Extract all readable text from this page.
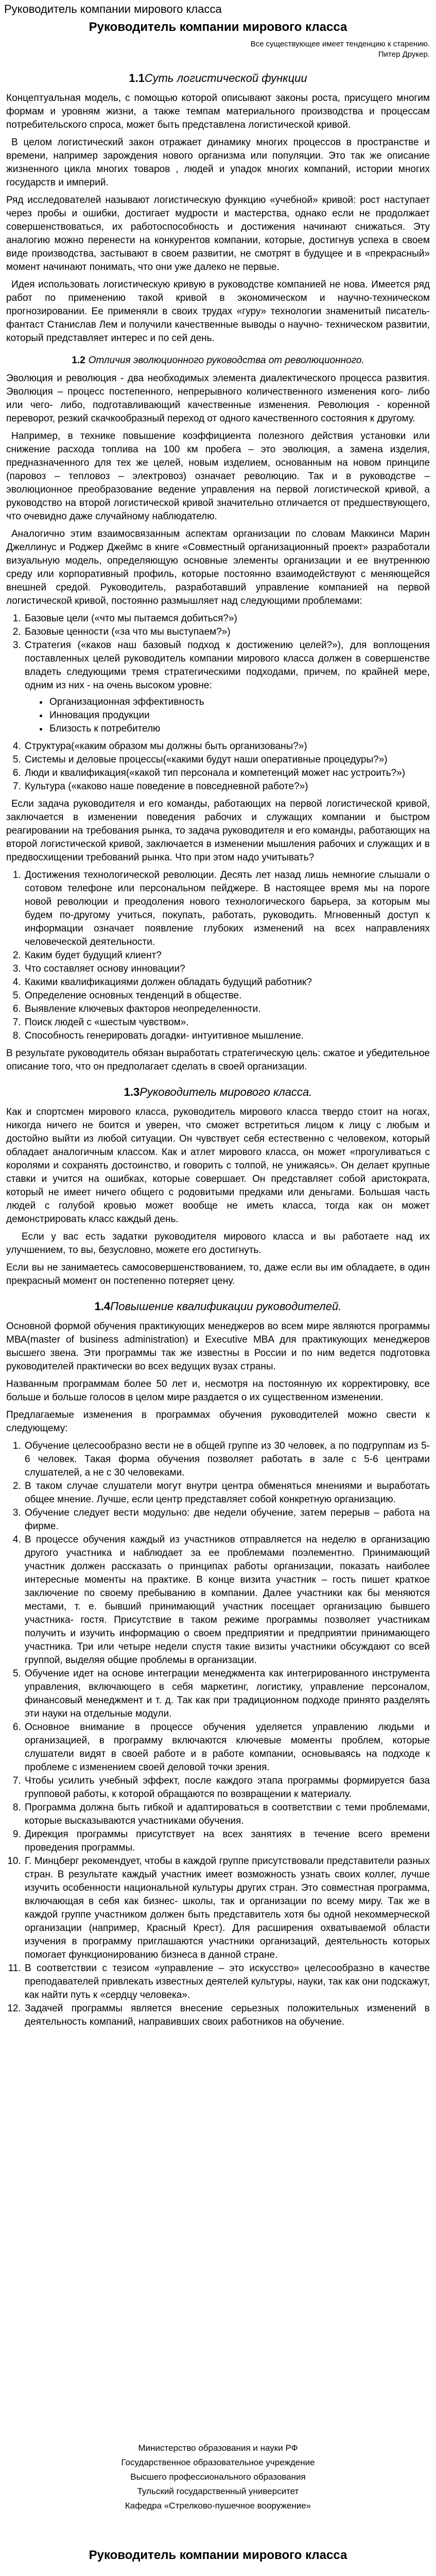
Руководитель компании мирового класса
Руководитель компании мирового класса
Все существующее имеет тенденцию к старению.
Питер Друкер.
1.1Суть логистической функции

Концептуальная модель, с помощью которой описывают законы роста, присущего многим формам и уровням жизни, а также темпам материального производства и процессам потребительского спроса, может быть представлена логистической кривой.

В целом логистический закон отражает динамику многих процессов в пространстве и времени, например зарождения нового организма или популяции. Это так же описание жизненного цикла многих товаров , людей и упадок многих компаний, истории многих государств и империй.

Ряд исследователей называют логистическую функцию «учебной» кривой: рост наступает через пробы и ошибки, достигает мудрости и мастерства, однако если не продолжает совершенствоваться, их работоспособность и достижения начинают снижаться. Эту аналогию можно перенести на конкурентов компании, которые, достигнув успеха в своем виде производства, застывают в своем развитии, не смотрят в будущее и в «прекрасный» момент начинают понимать, что они уже далеко не первые.

Идея использовать логистическую кривую в руководстве компанией не нова. Имеется ряд работ по применению такой кривой в экономическом и научно-техническом прогнозировании. Ее применяли в своих трудах «гуру» технологии знаменитый писатель- фантаст Станислав Лем и получили качественные выводы о научно- техническом развитии, который представляет интерес и по сей день.

1.2 Отличия эволюционного руководства от революционного.

Эволюция и революция - два необходимых элемента диалектического процесса развития. Эволюция – процесс постепенного, непрерывного количественного изменения кого- либо или чего- либо, подготавливающий качественные изменения. Революция - коренной переворот, резкий скачкообразный переход от одного качественного состояния к другому.

Например, в технике повышение коэффициента полезного действия установки или снижение расхода топлива на 100 км пробега – это эволюция, а замена изделия, предназначенного для тех же целей, новым изделием, основанным на новом принципе (паровоз – тепловоз – электровоз) означает революцию. Так и в руководстве – эволюционное преобразование ведение управления на первой логистической кривой, а руководство на второй логистической кривой значительно отличается от предшествующего, что очевидно даже случайному наблюдателю.

Аналогично этим взаимосвязанным аспектам организации по словам Маккинси Марин Джеллинус и Роджер Джеймс в книге «Совместный организационный проект» разработали визуальную модель, определяющую основные элементы организации и ее внутреннюю среду или корпоративный профиль, которые постоянно взаимодействуют с меняющейся внешней средой. Руководитель, разработавший управление компанией на первой логистической кривой, постоянно размышляет над следующими проблемами:

1. Базовые цели («что мы пытаемся добиться?»)
2. Базовые ценности («за что мы выступаем?»)
3. Стратегия («каков наш базовый подход к достижению целей?»), для воплощения поставленных целей руководитель компании мирового класса должен в совершенстве владеть следующими тремя стратегическими подходами, причем, по крайней мере, одним из них - на очень высоком уровне:
• Организационная эффективность
• Инновация продукции
• Близость к потребителю
4. Структура(«каким образом мы должны быть организованы?»)
5. Системы и деловые процессы(«какими будут наши оперативные процедуры?»)
6. Люди и квалификация(«какой тип персонала и компетенций может нас устроить?»)
7. Культура («каково наше поведение в повседневной работе?»)

Если задача руководителя и его команды, работающих на первой логистической кривой, заключается в изменении поведения рабочих и служащих компании и быстром реагировании на требования рынка, то задача руководителя и его команды, работающих на второй логистической кривой, заключается в изменении мышления рабочих и служащих и в предвосхищении требований рынка. Что при этом надо учитывать?

1. Достижения технологической революции. Десять лет назад лишь немногие слышали о сотовом телефоне или персональном пейджере. В настоящее время мы на пороге новой революции и преодоления нового технологического барьера, за которым мы будем по-другому учиться, покупать, работать, руководить. Мгновенный доступ к информации означает появление глубоких изменений на всех направлениях человеческой деятельности.
2. Каким будет будущий клиент?
3. Что составляет основу инновации?
4. Какими квалификациями должен обладать будущий работник?
5. Определение основных тенденций в обществе.
6. Выявление ключевых факторов неопределенности.
7. Поиск людей с «шестым чувством».
8. Способность генерировать догадки- интуитивное мышление.

В результате руководитель обязан выработать стратегическую цель: сжатое и убедительное описание того, что он предполагает сделать в своей организации.

1.3Руководитель мирового класса.

Как и спортсмен мирового класса, руководитель мирового класса твердо стоит на ногах, никогда ничего не боится и уверен, что сможет встретиться лицом к лицу с любым и достойно выйти из любой ситуации. Он чувствует себя естественно с человеком, который обладает аналогичным классом. Как и атлет мирового класса, он может «прогуливаться с королями и сохранять достоинство, и говорить с толпой, не унижаясь». Он делает крупные ставки и учится на ошибках, которые совершает. Он представляет собой аристократа, который не имеет ничего общего с родовитыми предками или деньгами. Большая часть людей с голубой кровью может вообще не иметь класса, тогда как он может демонстрировать класс каждый день.

Если у вас есть задатки руководителя мирового класса и вы работаете над их улучшением, то вы, безусловно, можете его достигнуть.

Если вы не занимаетесь самосовершенствованием, то, даже если вы им обладаете, в один прекрасный момент он постепенно потеряет цену.

1.4Повышение квалификации руководителей.

Основной формой обучения практикующих менеджеров во всем мире являются программы МВА(master of business administration) и Executive MBA для практикующих менеджеров высшего звена. Эти программы так же известны в России и по ним ведется подготовка руководителей практически во всех ведущих вузах страны.

Названным программам более 50 лет и, несмотря на постоянную их корректировку, все больше и больше голосов в целом мире раздается о их существенном изменении.

Предлагаемые изменения в программах обучения руководителей можно свести к следующему:

1. Обучение целесообразно вести не в общей группе из 30 человек, а по подгруппам из 5-6 человек. Такая форма обучения позволяет работать в зале с 5-6 центрами слушателей, а не с 30 человеками.
2. В таком случае слушатели могут внутри центра обменяться мнениями и выработать общее мнение. Лучше, если центр представляет собой конкретную организацию.
3. Обучение следует вести модульно: две недели обучение, затем перерыв – работа на фирме.
4. В процессе обучения каждый из участников отправляется на неделю в организацию другого участника и наблюдает за ее проблемами поэлементно. Принимающий участник должен рассказать о принципах работы организации, показать наиболее интересные моменты на практике. В конце визита участник – гость пишет краткое заключение по своему пребыванию в компании. Далее участники как бы меняются местами, т. е. бывший принимающий участник посещает организацию бывшего участника- гостя. Присутствие в таком режиме программы позволяет участникам получить и изучить информацию о своем предприятии и предприятии принимающего участника. Три или четыре недели спустя такие визиты участники обсуждают со всей группой, выделяя общие проблемы в организации.
5. Обучение идет на основе интеграции менеджмента как интегрированного инструмента управления, включающего в себя маркетинг, логистику, управление персоналом, финансовый менеджмент и т. д. Так как при традиционном подходе принято разделять эти науки на отдельные модули.
6. Основное внимание в процессе обучения уделяется управлению людьми и организацией, в программу включаются ключевые моменты проблем, которые слушатели видят в своей работе и в работе компании, основываясь на подходе к проблеме с изменением своей деловой точки зрения.
7. Чтобы усилить учебный эффект, после каждого этапа программы формируется база групповой работы, к которой обращаются по возвращении к материалу.
8. Программа должна быть гибкой и адаптироваться в соответствии с теми проблемами, которые высказываются участниками обучения.
9. Дирекция программы присутствует на всех занятиях в течение всего времени проведения программы.
10. Г. Минцберг рекомендует, чтобы в каждой группе присутствовали представители разных стран. В результате каждый участник имеет возможность узнать своих коллег, лучше изучить особенности национальной культуры других стран. Это совместная программа, включающая в себя как бизнес- школы, так и организации по всему миру. Так же в каждой группе участником должен быть представитель хотя бы одной некоммерческой организации (например, Красный Крест). Для расширения охватываемой области изучения в программу приглашаются участники организаций, деятельность которых помогает функционированию бизнеса в данной стране.
11. В соответствии с тезисом «управление – это искусство» целесообразно в качестве преподавателей привлекать известных деятелей культуры, науки, так как они подскажут, как найти путь к «сердцу человека».
12. Задачей программы является внесение серьезных положительных изменений в деятельность компаний, направивших своих работников на обучение.
Министерство образования и науки РФ
Государственное образовательное учреждение
Высшего профессионального образования
Тульский государственный университет
Кафедра «Стрелково-пушечное вооружение»
Руководитель компании мирового класса
